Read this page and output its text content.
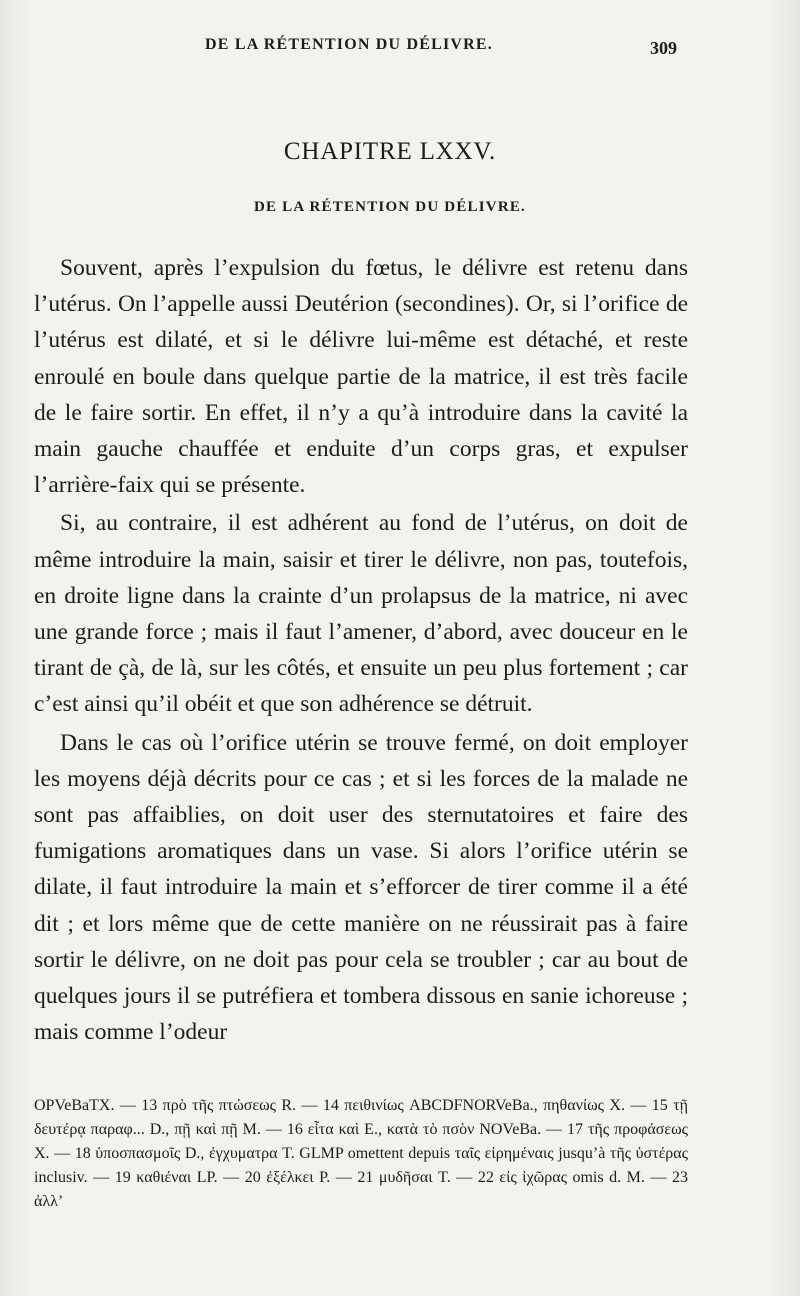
DE LA RÉTENTION DU DÉLIVRE.	309
CHAPITRE LXXV.
DE LA RÉTENTION DU DÉLIVRE.

Souvent, après l’expulsion du fœtus, le délivre est retenu dans l’utérus. On l’appelle aussi Deutérion (secondines). Or, si l’orifice de l’utérus est dilaté, et si le délivre lui-même est détaché, et reste enroulé en boule dans quelque partie de la matrice, il est très facile de le faire sortir. En effet, il n’y a qu’à introduire dans la cavité la main gauche chauffée et enduite d’un corps gras, et expulser l’arrière-faix qui se présente.

Si, au contraire, il est adhérent au fond de l’utérus, on doit de même introduire la main, saisir et tirer le délivre, non pas, toutefois, en droite ligne dans la crainte d’un prolapsus de la matrice, ni avec une grande force ; mais il faut l’amener, d’abord, avec douceur en le tirant de çà, de là, sur les côtés, et ensuite un peu plus fortement ; car c’est ainsi qu’il obéit et que son adhérence se détruit.

Dans le cas où l’orifice utérin se trouve fermé, on doit employer les moyens déjà décrits pour ce cas ; et si les forces de la malade ne sont pas affaiblies, on doit user des sternutatoires et faire des fumigations aromatiques dans un vase. Si alors l’orifice utérin se dilate, il faut introduire la main et s’efforcer de tirer comme il a été dit ; et lors même que de cette manière on ne réussirait pas à faire sortir le délivre, on ne doit pas pour cela se troubler ; car au bout de quelques jours il se putréfiera et tombera dissous en sanie ichoreuse ; mais comme l’odeur

OPVeBaTX. — 13 πρὸ τῆς πτώσεως R. — 14 πειθινίως ABCDFNORVeBa., πηθανίως X. — 15 τῇ δευτέρᾳ παραφ... D., πῇ καὶ πῇ M. — 16 εἶτα καὶ E., κατὰ τὸ πσὸν NOVeBa. — 17 τῆς προφάσεως X. — 18 ὑποσπασμοῖς D., ἐγχυματρα T. GLMP omettent depuis ταῖς εἰρημέναις jusqu’à τῆς ὑστέρας inclusiv. — 19 καθιέναι LP. — 20 ἐξέλκει P. — 21 μυδῆσαι T. — 22 εἰς ἰχῶρας omis d. M. — 23 ἀλλ’
